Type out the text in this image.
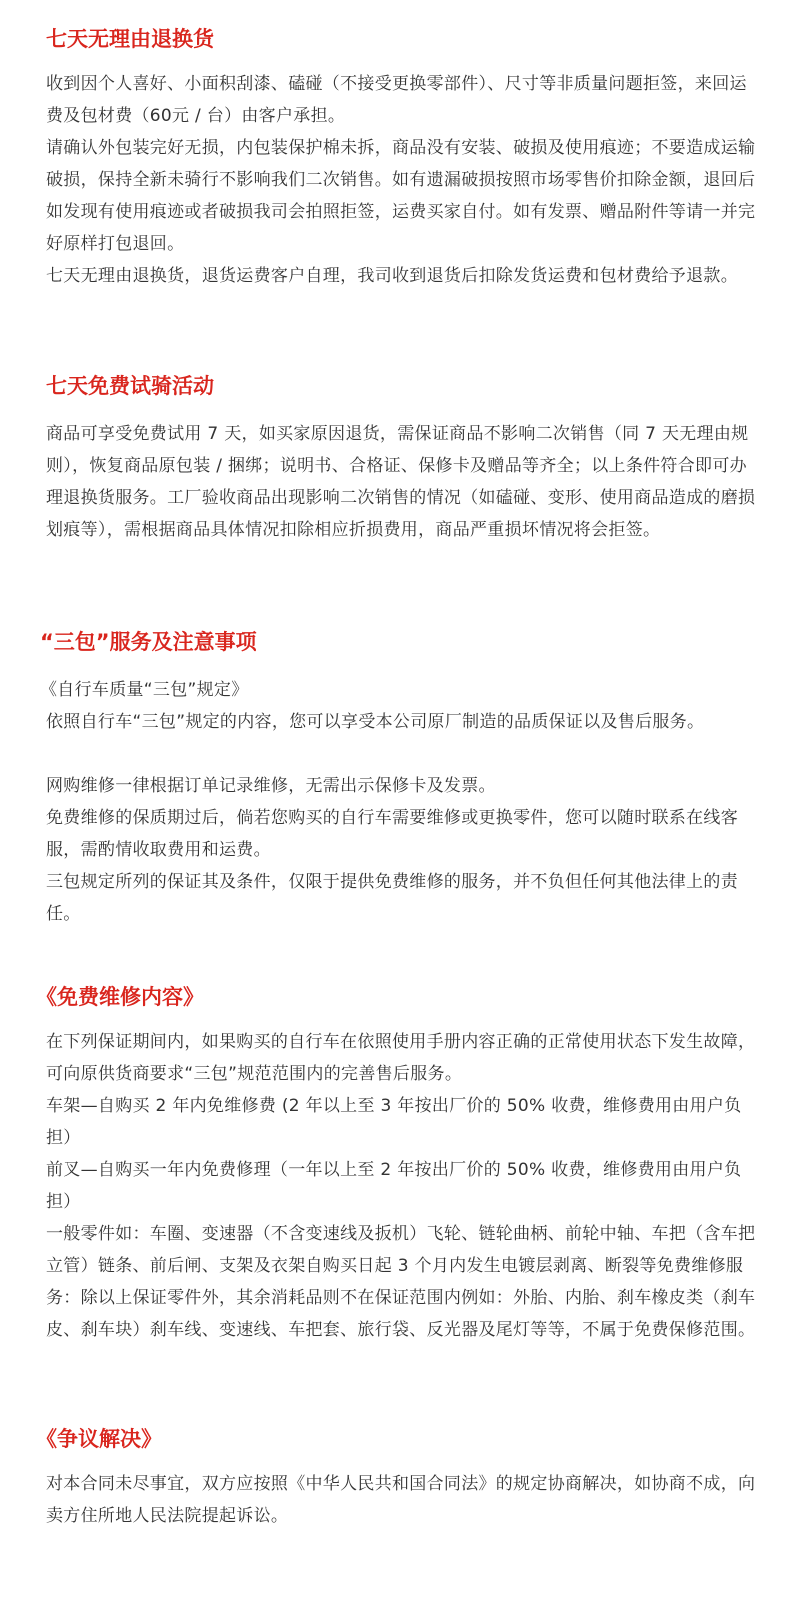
七天无理由退换货

收到因个人喜好、小面积刮漆、磕碰（不接受更换零部件）、尺寸等非质量问题拒签，来回运费及包材费（60元 / 台）由客户承担。

请确认外包装完好无损，内包装保护棉未拆，商品没有安装、破损及使用痕迹；不要造成运输破损，保持全新未骑行不影响我们二次销售。如有遗漏破损按照市场零售价扣除金额，退回后如发现有使用痕迹或者破损我司会拍照拒签，运费买家自付。如有发票、赠品附件等请一并完好原样打包退回。

七天无理由退换货，退货运费客户自理，我司收到退货后扣除发货运费和包材费给予退款。

七天免费试骑活动

商品可享受免费试用 7 天，如买家原因退货，需保证商品不影响二次销售（同 7 天无理由规则），恢复商品原包装 / 捆绑；说明书、合格证、保修卡及赠品等齐全；以上条件符合即可办理退换货服务。工厂验收商品出现影响二次销售的情况（如磕碰、变形、使用商品造成的磨损划痕等），需根据商品具体情况扣除相应折损费用，商品严重损坏情况将会拒签。

“三包”服务及注意事项

《自行车质量“三包”规定》

依照自行车“三包”规定的内容，您可以享受本公司原厂制造的品质保证以及售后服务。

网购维修一律根据订单记录维修，无需出示保修卡及发票。

免费维修的保质期过后，倘若您购买的自行车需要维修或更换零件，您可以随时联系在线客服，需酌情收取费用和运费。

三包规定所列的保证其及条件，仅限于提供免费维修的服务，并不负但任何其他法律上的责任。

《免费维修内容》

在下列保证期间内，如果购买的自行车在依照使用手册内容正确的正常使用状态下发生故障，可向原供货商要求“三包”规范范围内的完善售后服务。

车架—自购买 2 年内免维修费 (2 年以上至 3 年按出厂价的 50% 收费，维修费用由用户负担）

前叉—自购买一年内免费修理（一年以上至 2 年按出厂价的 50% 收费，维修费用由用户负担）

一般零件如：车圈、变速器（不含变速线及扳机）飞轮、链轮曲柄、前轮中轴、车把（含车把立管）链条、前后闸、支架及衣架自购买日起 3 个月内发生电镀层剥离、断裂等免费维修服务：除以上保证零件外，其余消耗品则不在保证范围内例如：外胎、内胎、刹车橡皮类（刹车皮、刹车块）刹车线、变速线、车把套、旅行袋、反光器及尾灯等等，不属于免费保修范围。

《争议解决》

对本合同未尽事宜，双方应按照《中华人民共和国合同法》的规定协商解决，如协商不成，向卖方住所地人民法院提起诉讼。
